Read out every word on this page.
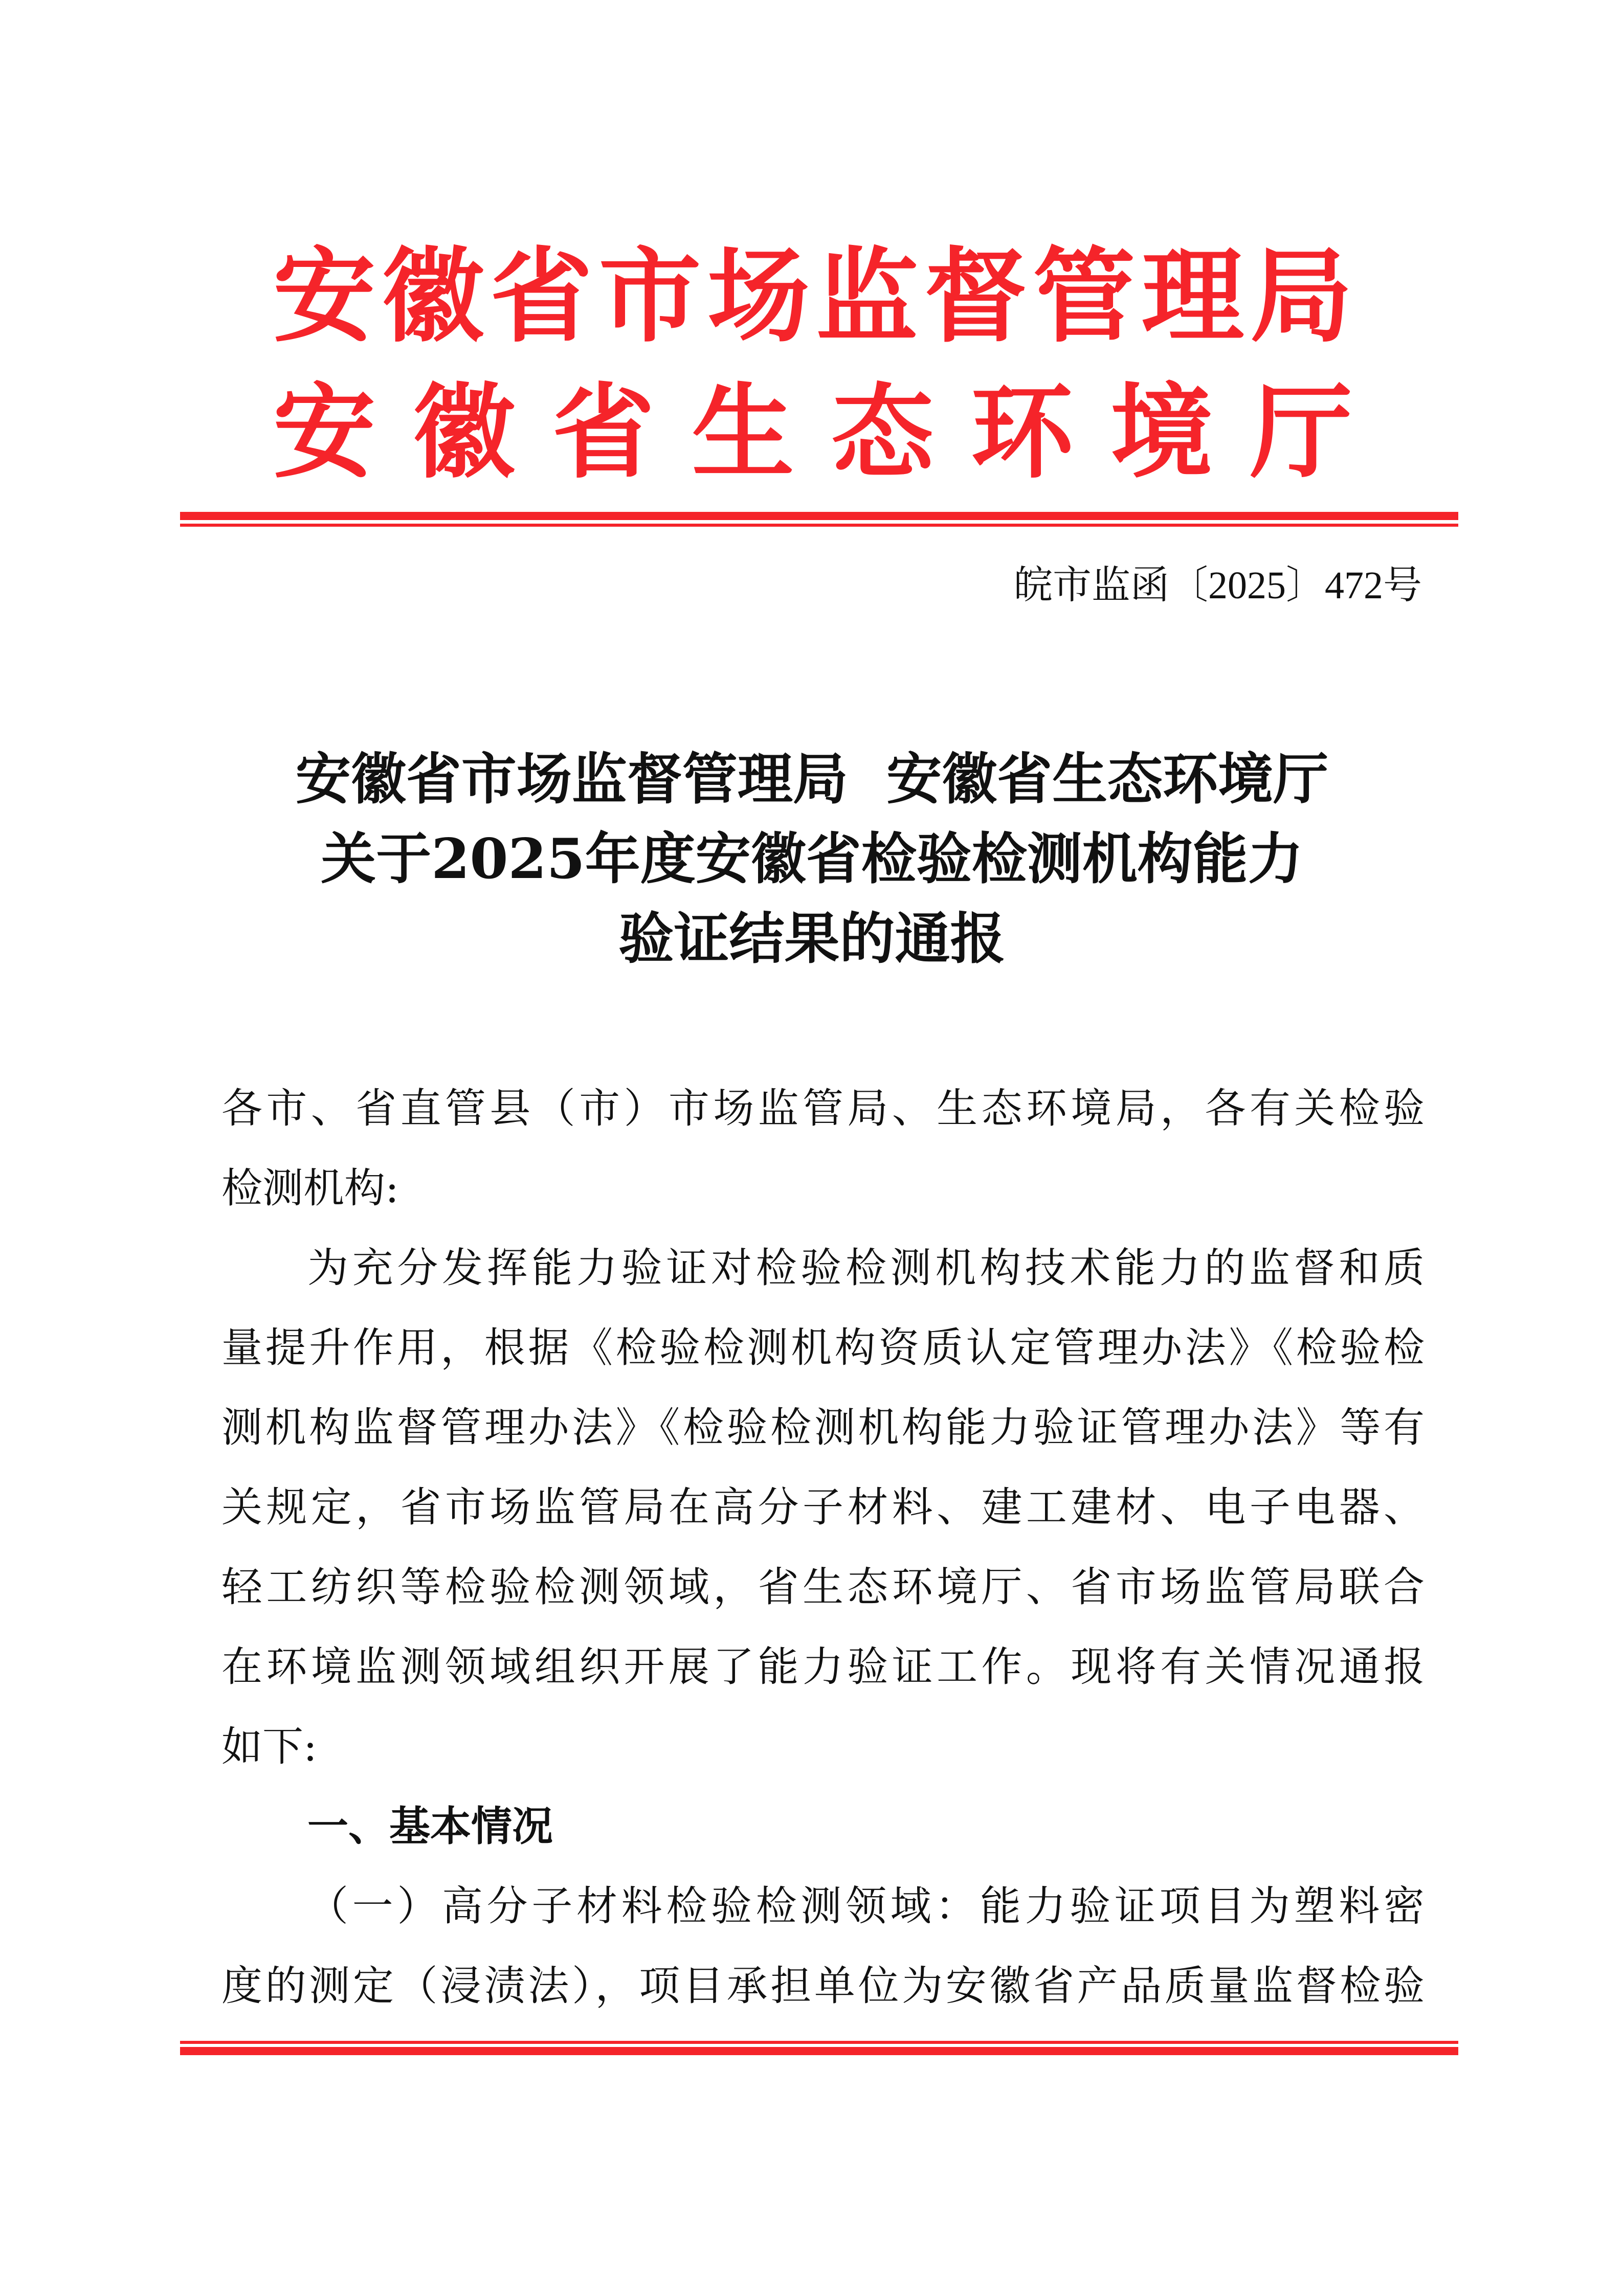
安徽省市场监督管理局
安徽省生态环境厅
皖市监函〔2025〕472号
安徽省市场监督管理局  安徽省生态环境厅
关于2025年度安徽省检验检测机构能力
验证结果的通报
各市、省直管县（市）市场监管局、生态环境局，各有关检验
检测机构:
为充分发挥能力验证对检验检测机构技术能力的监督和质
量提升作用，根据《检验检测机构资质认定管理办法》《检验检
测机构监督管理办法》《检验检测机构能力验证管理办法》等有
关规定，省市场监管局在高分子材料、建工建材、电子电器、
轻工纺织等检验检测领域，省生态环境厅、省市场监管局联合
在环境监测领域组织开展了能力验证工作。现将有关情况通报
如下:
一、基本情况
（一）高分子材料检验检测领域：能力验证项目为塑料密
度的测定（浸渍法），项目承担单位为安徽省产品质量监督检验
